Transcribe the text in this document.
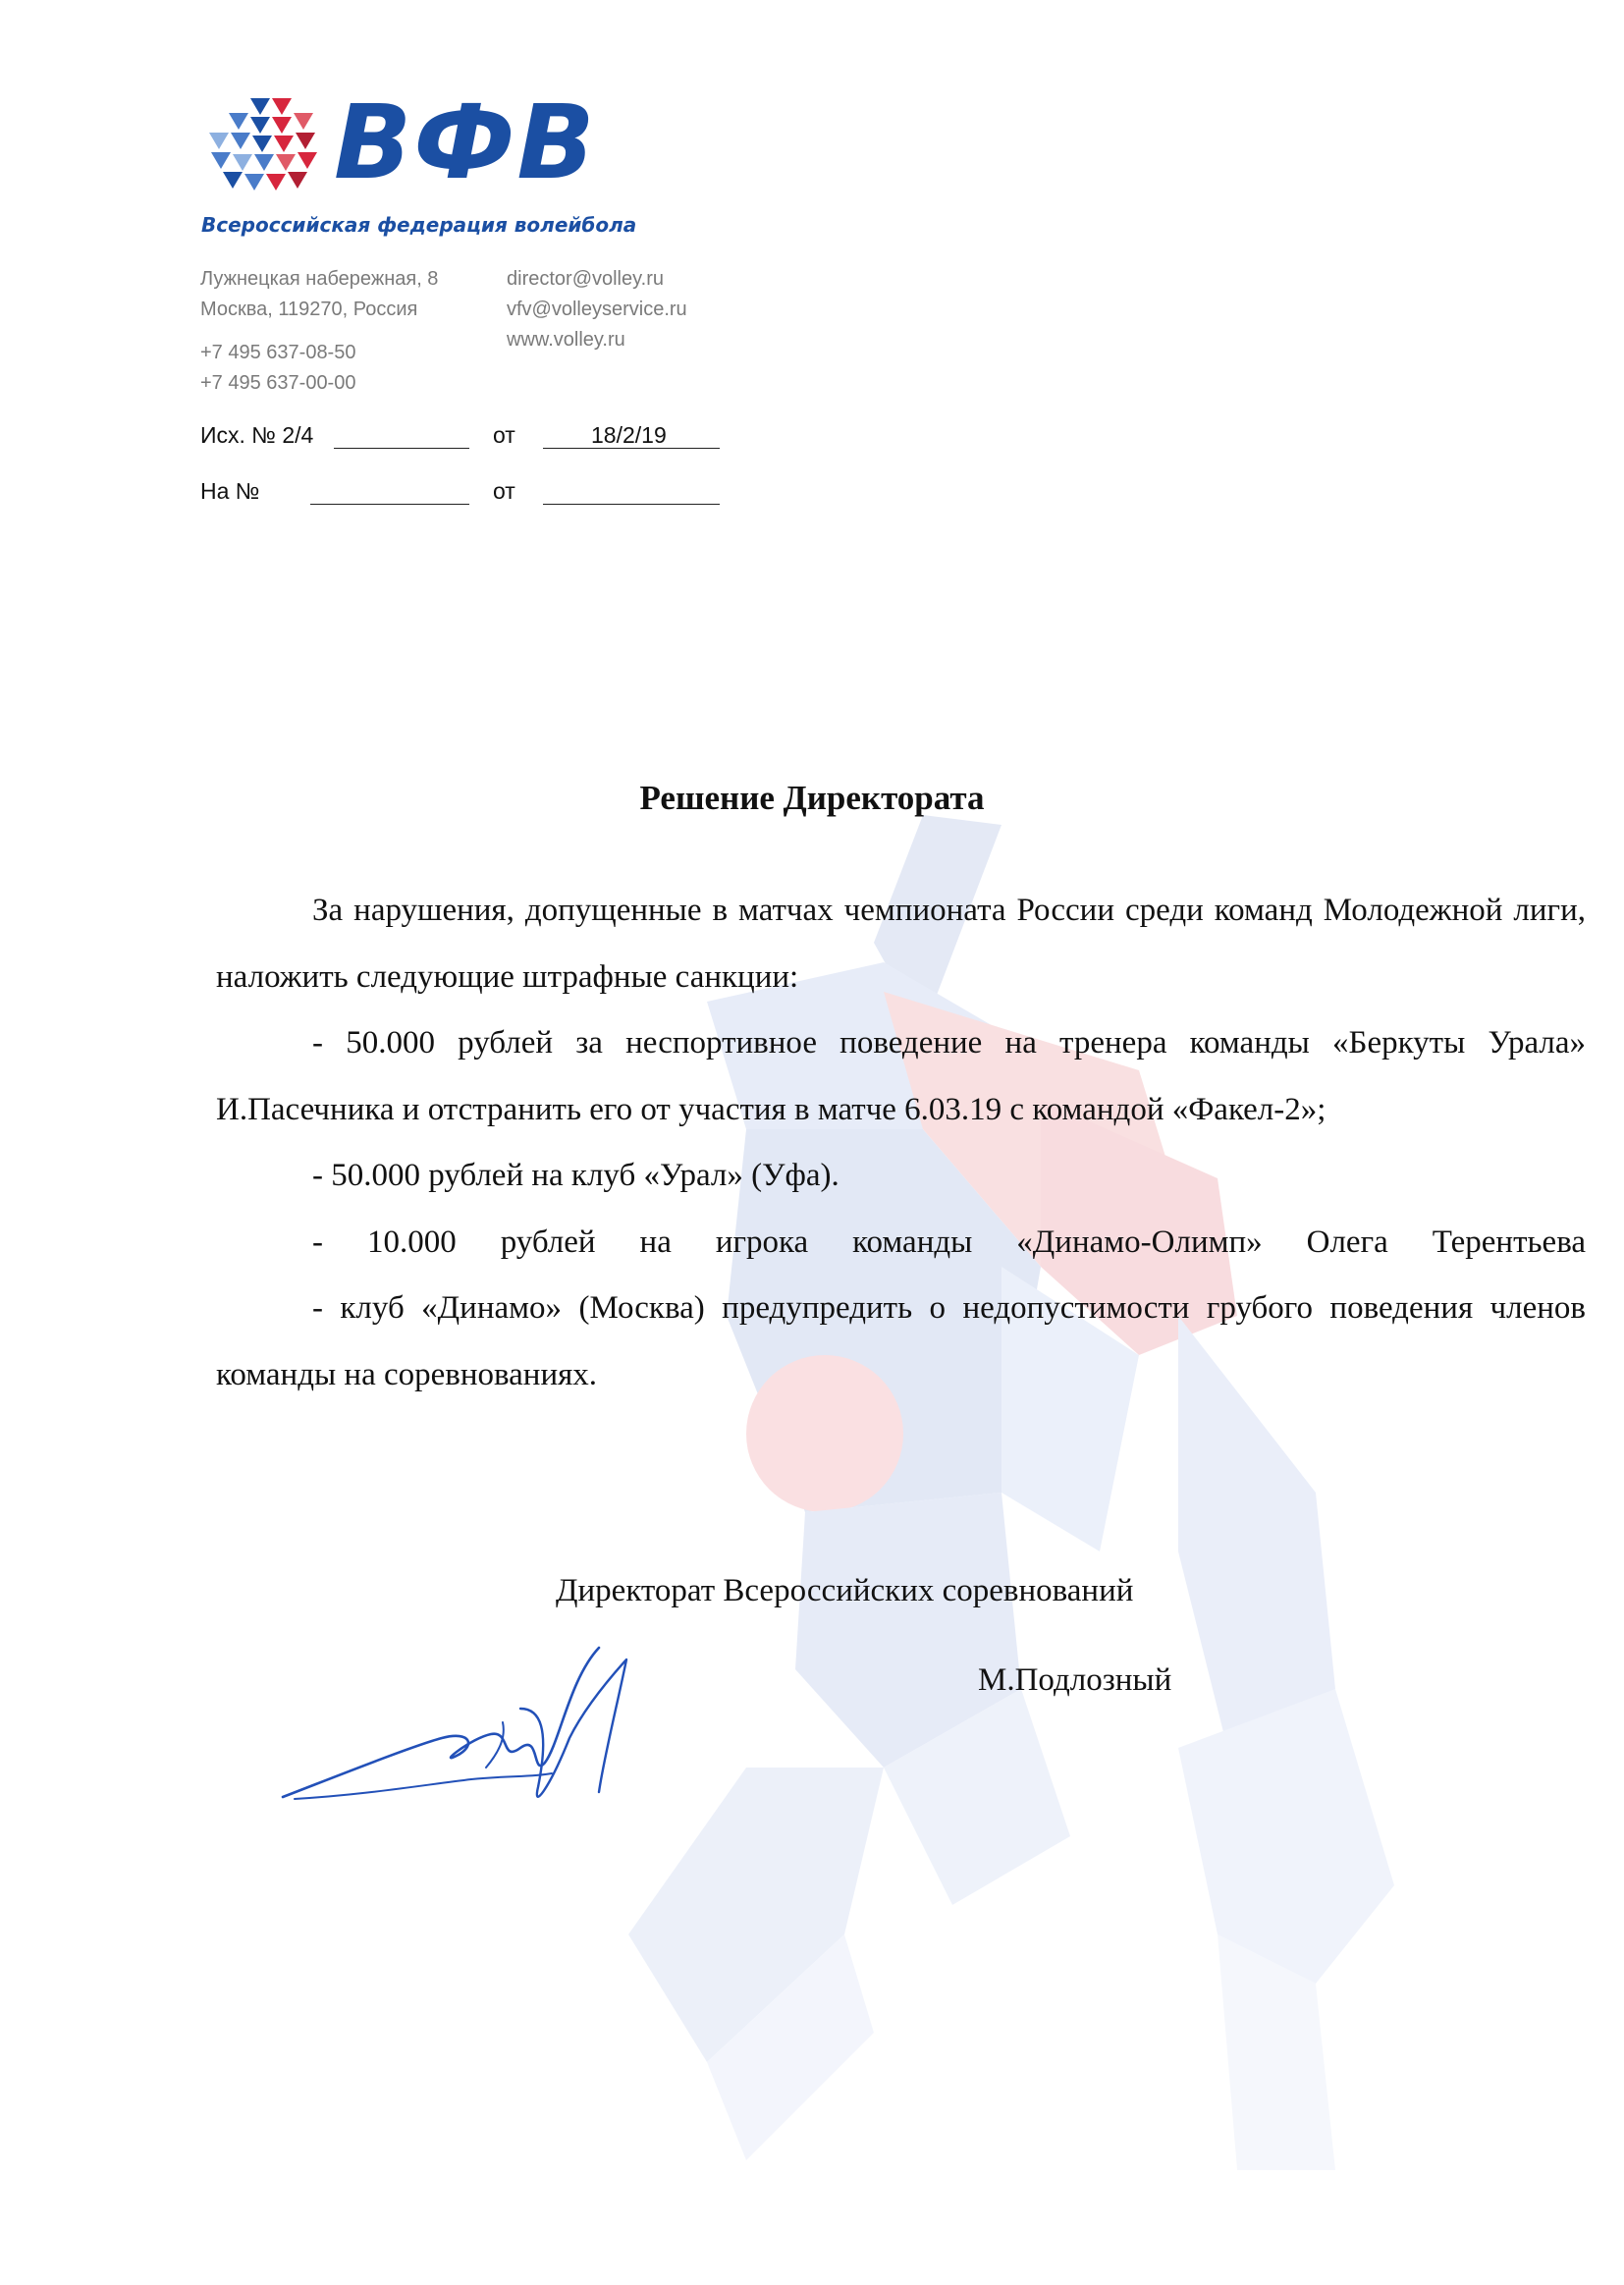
ВФВ
Всероссийская федерация волейбола
Лужнецкая набережная, 8
Москва, 119270, Россия
+7 495 637-08-50
+7 495 637-00-00
director@volley.ru
vfv@volleyservice.ru
www.volley.ru
Исх. № 2/4	от	18/2/19
На №	от
Решение Директората

За нарушения, допущенные в матчах чемпионата России среди команд Молодежной лиги, наложить следующие штрафные санкции:

- 50.000 рублей за неспортивное поведение на тренера команды «Беркуты Урала» И.Пасечника и отстранить его от участия в матче 6.03.19 с командой «Факел-2»;

- 50.000 рублей на клуб «Урал» (Уфа).

- 10.000 рублей на игрока команды «Динамо-Олимп» Олега Терентьева

- клуб «Динамо» (Москва) предупредить о недопустимости грубого поведения членов команды на соревнованиях.

Директорат Всероссийских соревнований
М.Подлозный
